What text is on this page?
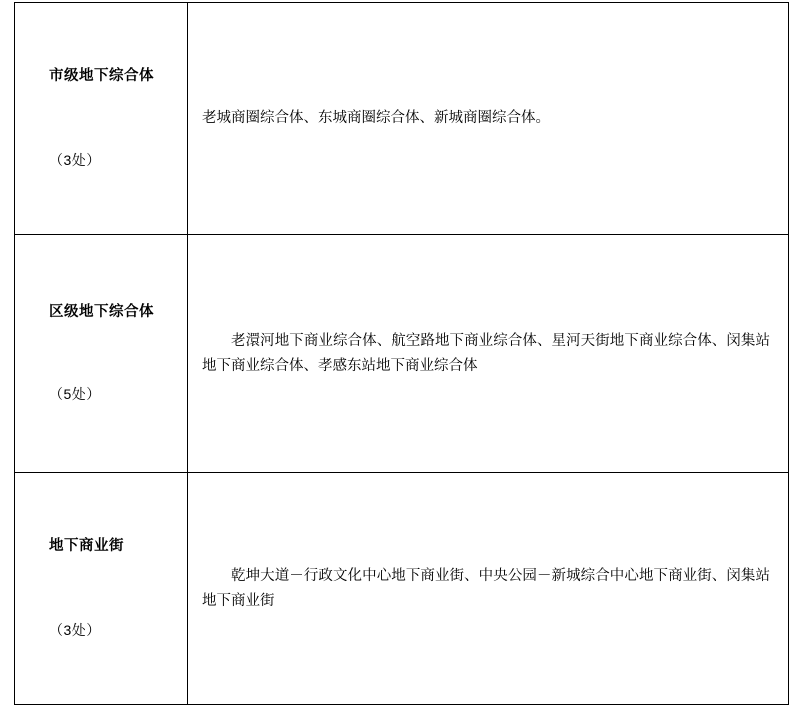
市级地下综合体
（3处）	老城商圈综合体、东城商圈综合体、新城商圈综合体。

区级地下综合体
（5处）	老澴河地下商业综合体、航空路地下商业综合体、星河天街地下商业综合体、闵集站地下商业综合体、孝感东站地下商业综合体

地下商业街
（3处）	乾坤大道－行政文化中心地下商业街、中央公园－新城综合中心地下商业街、闵集站地下商业街
